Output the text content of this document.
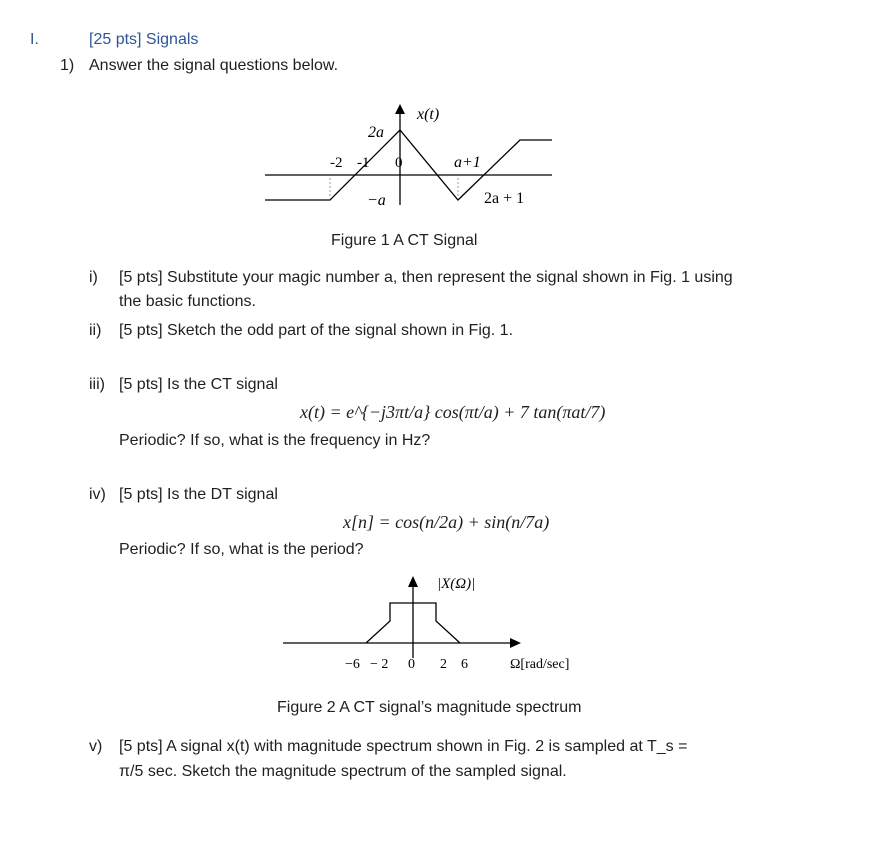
I.	[25 pts] Signals
1) Answer the signal questions below.
x(t)
2a
−a
-2 -1 0	a+1
2a + 1
Figure 1 A CT Signal
i) [5 pts] Substitute your magic number a, then represent the signal shown in Fig. 1 using
the basic functions.
ii) [5 pts] Sketch the odd part of the signal shown in Fig. 1.
iii) [5 pts] Is the CT signal
x(t) = e^{−j3πt/a} cos(πt/a) + 7 tan(πat/7)
Periodic? If so, what is the frequency in Hz?
iv) [5 pts] Is the DT signal
x[n] = cos(n/2a) + sin(n/7a)
Periodic? If so, what is the period?
|X(Ω)|
−6 − 2 0 2 6	Ω[rad/sec]
Figure 2 A CT signal’s magnitude spectrum
v) [5 pts] A signal x(t) with magnitude spectrum shown in Fig. 2 is sampled at T_s =
π/5 sec. Sketch the magnitude spectrum of the sampled signal.
